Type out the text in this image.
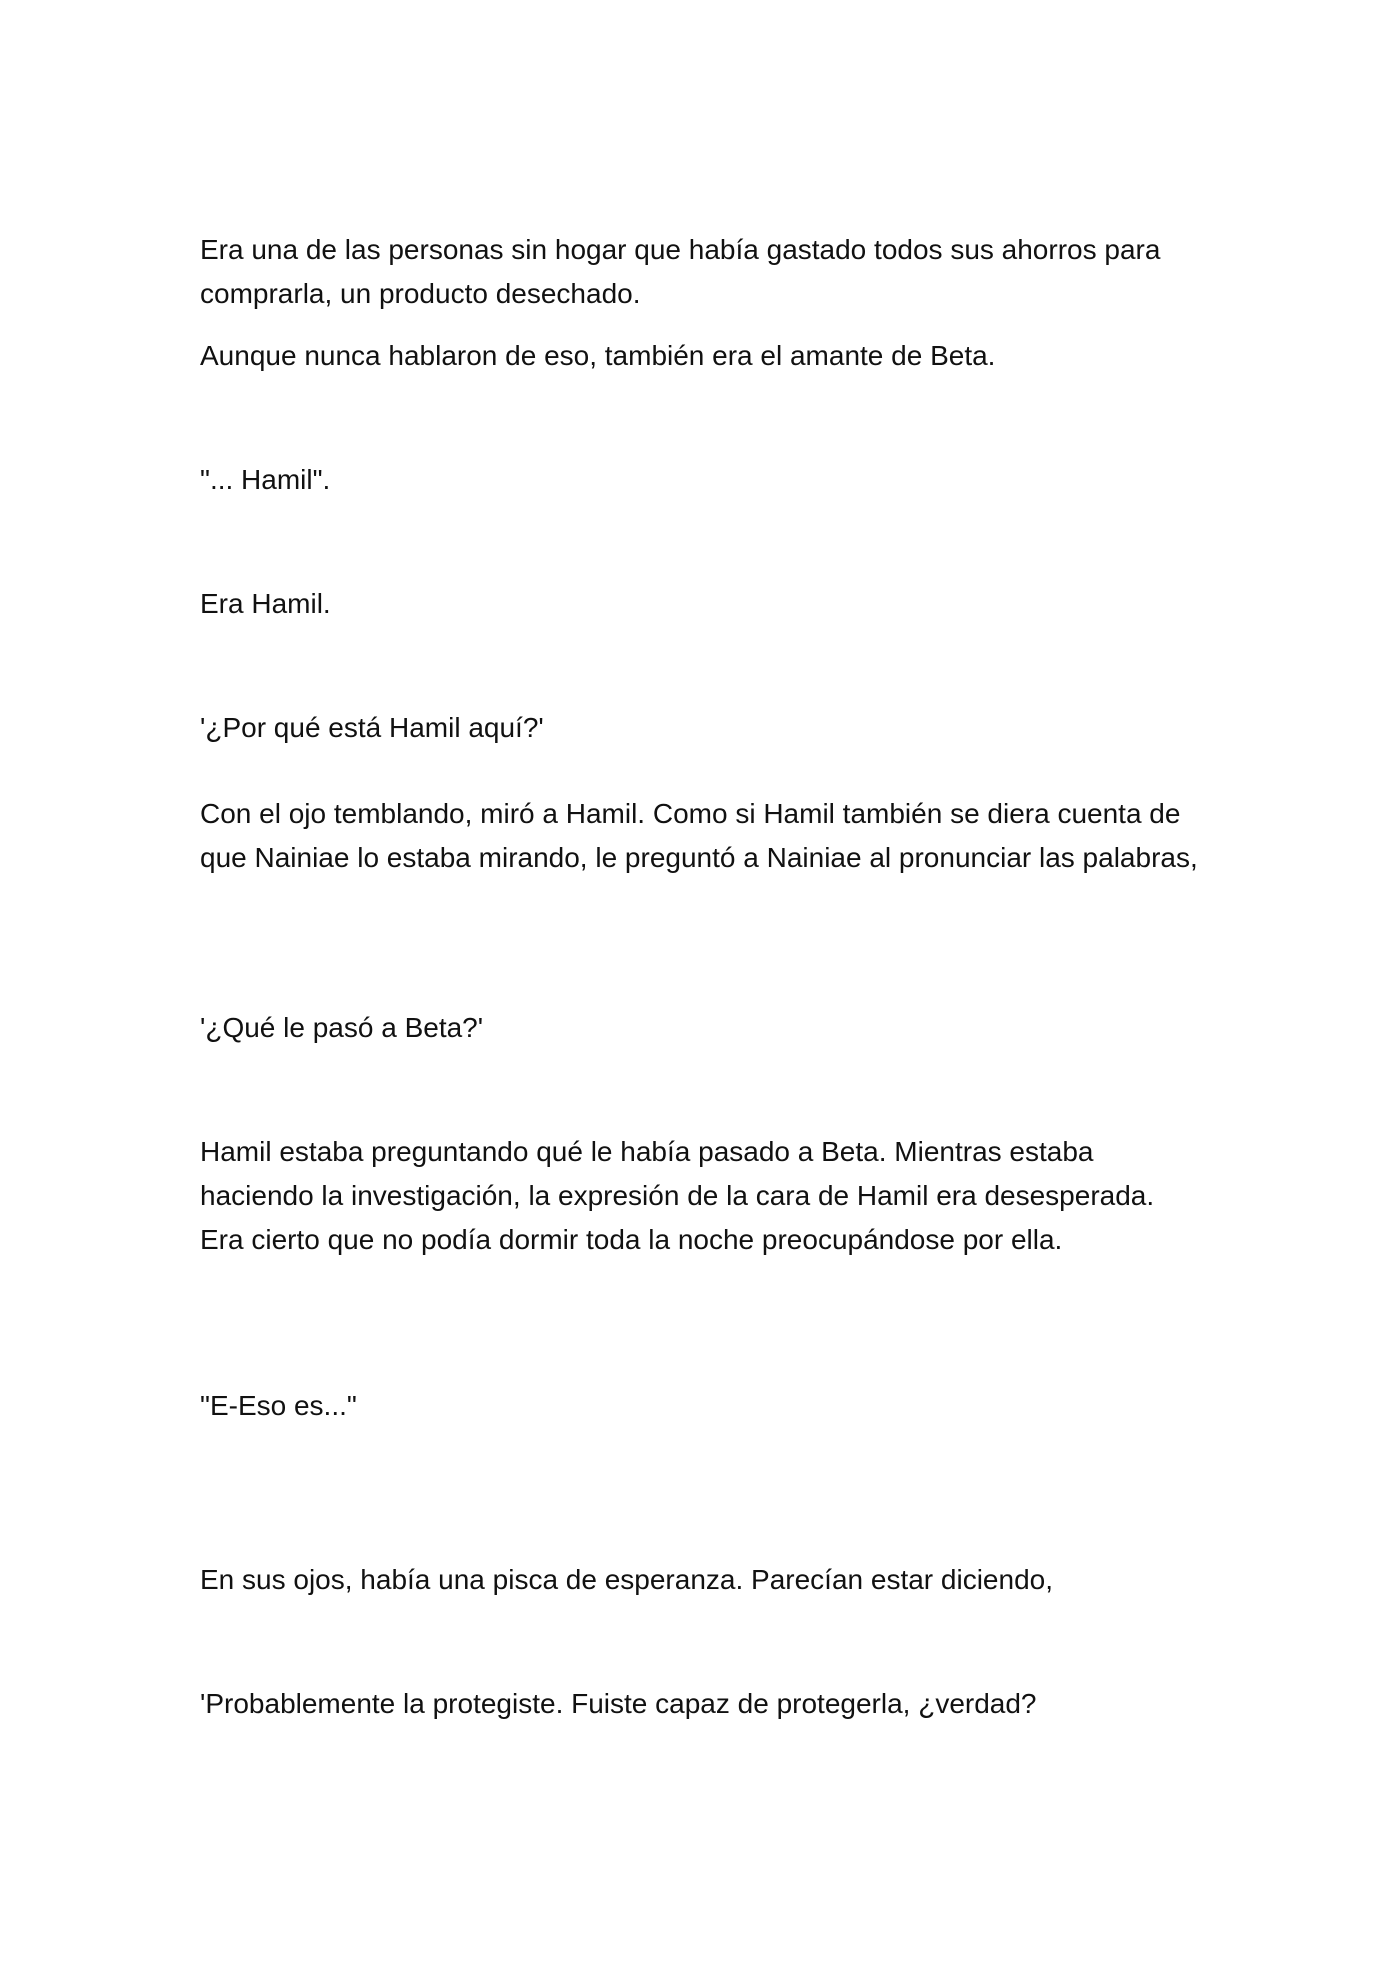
Era una de las personas sin hogar que había gastado todos sus ahorros para comprarla, un producto desechado.

Aunque nunca hablaron de eso, también era el amante de Beta.

"... Hamil".

Era Hamil.

'¿Por qué está Hamil aquí?'

Con el ojo temblando, miró a Hamil. Como si Hamil también se diera cuenta de que Nainiae lo estaba mirando, le preguntó a Nainiae al pronunciar las palabras,

'¿Qué le pasó a Beta?'

Hamil estaba preguntando qué le había pasado a Beta. Mientras estaba haciendo la investigación, la expresión de la cara de Hamil era desesperada. Era cierto que no podía dormir toda la noche preocupándose por ella.

"E-Eso es..."

En sus ojos, había una pisca de esperanza. Parecían estar diciendo,

'Probablemente la protegiste. Fuiste capaz de protegerla, ¿verdad?
